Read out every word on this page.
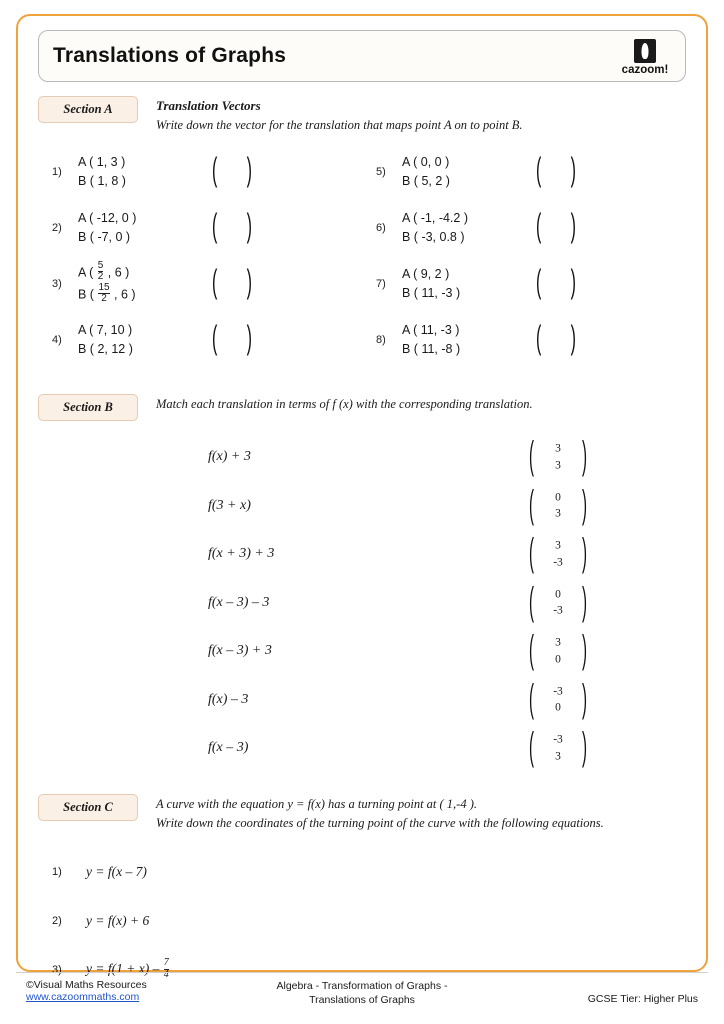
Translations of Graphs
cazoom!
Section A	Translation Vectors
Write down the vector for the translation that maps point A on to point B.
1)
A ( 1, 3 )
B ( 1, 8 )	( )
2)
A ( -12, 0 )
B ( -7, 0 )	( )
3)
A ( $\frac{5}{2}$ , 6 )
B ( $\frac{15}{2}$ , 6 )	( )
4)
A ( 7, 10 )
B ( 2, 12 )	( )
5)
A ( 0, 0 )
B ( 5, 2 )	( )
6)
A ( -1, -4.2 )
B ( -3, 0.8 )	( )
7)
A ( 9, 2 )
B ( 11, -3 )	( )
8)
A ( 11, -3 )
B ( 11, -8 )	( )
Section B	Match each translation in terms of f (x) with the corresponding translation.
f(x) + 3	(	3
3	)
f(3 + x)	(	0
3	)
f(x + 3) + 3	(	3
-3	)
f(x – 3) – 3	(	0
-3	)
f(x – 3) + 3	(	3
0	)
f(x) – 3	(	-3
0	)
f(x – 3)	(	-3
3	)
Section C	A curve with the equation y = f(x) has a turning point at ( 1,-4 ).
Write down the coordinates of the turning point of the curve with the following equations.
1)	y = f(x – 7)
2)	y = f(x) + 6
3)	$y = f(1 + x) - \frac{7}{4}$
©Visual Maths Resources
www.cazoommaths.com
Algebra - Transformation of Graphs -
Translations of Graphs	GCSE Tier: Higher Plus
